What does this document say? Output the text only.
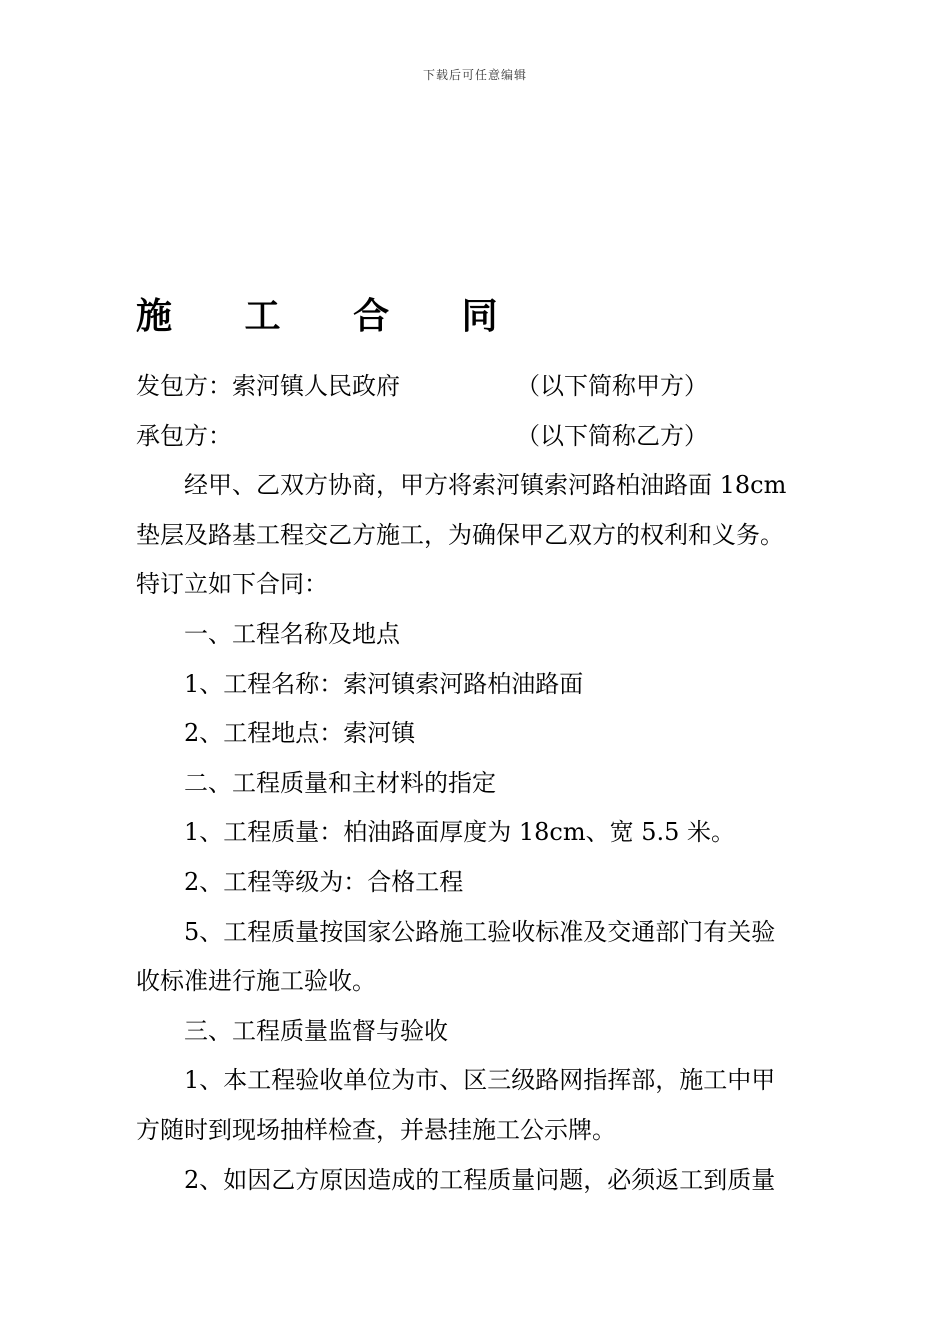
下载后可任意编辑
施 工 合 同
发包方：索河镇人民政府	（以下简称甲方）
承包方：	（以下简称乙方）
经甲、乙双方协商，甲方将索河镇索河路柏油路面 18cm
垫层及路基工程交乙方施工，为确保甲乙双方的权利和义务。
特订立如下合同：
一、工程名称及地点
1、工程名称：索河镇索河路柏油路面
2、工程地点：索河镇
二、工程质量和主材料的指定
1、工程质量：柏油路面厚度为 18cm、宽 5.5 米。
2、工程等级为：合格工程
5、工程质量按国家公路施工验收标准及交通部门有关验
收标准进行施工验收。
三、工程质量监督与验收
1、本工程验收单位为市、区三级路网指挥部，施工中甲
方随时到现场抽样检查，并悬挂施工公示牌。
2、如因乙方原因造成的工程质量问题，必须返工到质量
